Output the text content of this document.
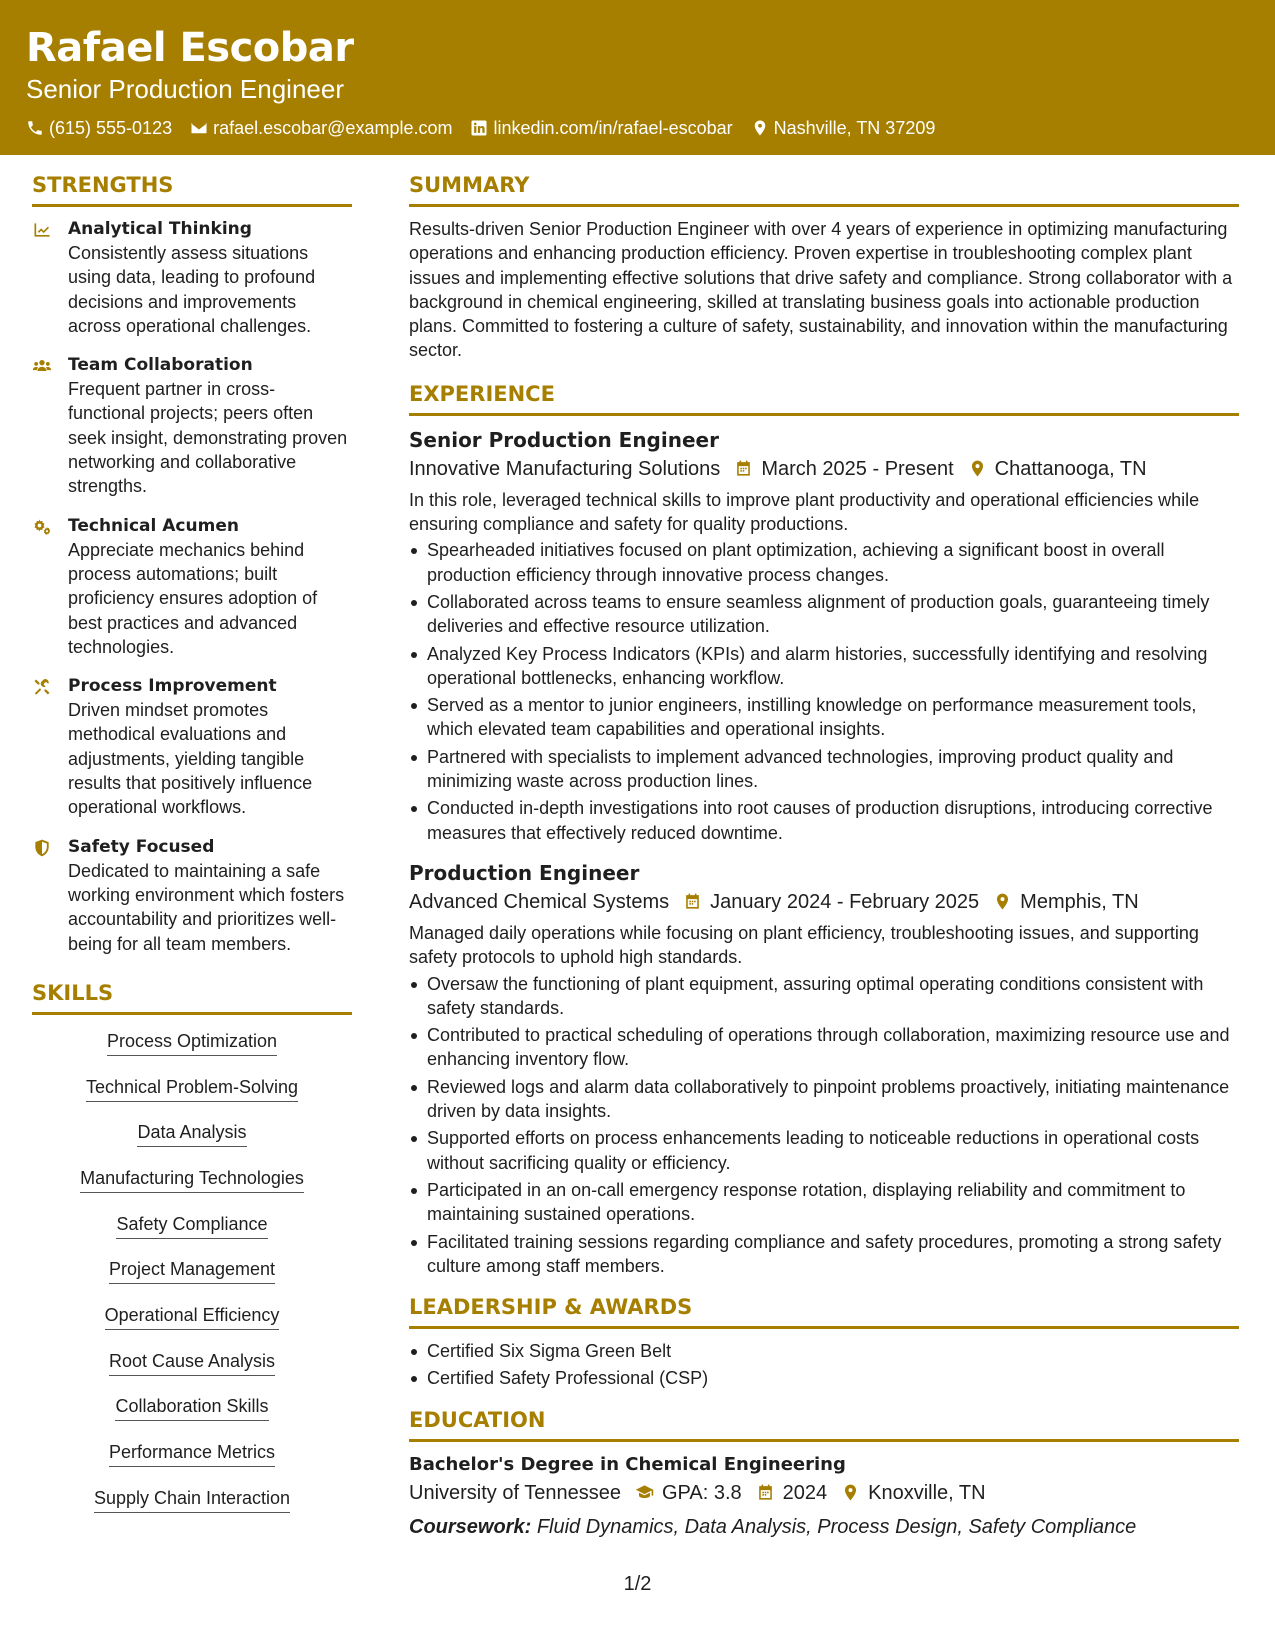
Rafael Escobar
Senior Production Engineer
(615) 555-0123 rafael.escobar@example.com linkedin.com/in/rafael-escobar Nashville, TN 37209
STRENGTHS
Analytical Thinking
Consistently assess situations using data, leading to profound decisions and improvements across operational challenges.
Team Collaboration
Frequent partner in cross-functional projects; peers often seek insight, demonstrating proven networking and collaborative strengths.
Technical Acumen
Appreciate mechanics behind process automations; built proficiency ensures adoption of best practices and advanced technologies.
Process Improvement
Driven mindset promotes methodical evaluations and adjustments, yielding tangible results that positively influence operational workflows.
Safety Focused
Dedicated to maintaining a safe working environment which fosters accountability and prioritizes well-being for all team members.
SKILLS
Process Optimization
Technical Problem-Solving
Data Analysis
Manufacturing Technologies
Safety Compliance
Project Management
Operational Efficiency
Root Cause Analysis
Collaboration Skills
Performance Metrics
Supply Chain Interaction
SUMMARY
Results-driven Senior Production Engineer with over 4 years of experience in optimizing manufacturing operations and enhancing production efficiency. Proven expertise in troubleshooting complex plant issues and implementing effective solutions that drive safety and compliance. Strong collaborator with a background in chemical engineering, skilled at translating business goals into actionable production plans. Committed to fostering a culture of safety, sustainability, and innovation within the manufacturing sector.
EXPERIENCE
Senior Production Engineer
Innovative Manufacturing Solutions March 2025 - Present Chattanooga, TN
In this role, leveraged technical skills to improve plant productivity and operational efficiencies while ensuring compliance and safety for quality productions.
Spearheaded initiatives focused on plant optimization, achieving a significant boost in overall production efficiency through innovative process changes.
Collaborated across teams to ensure seamless alignment of production goals, guaranteeing timely deliveries and effective resource utilization.
Analyzed Key Process Indicators (KPIs) and alarm histories, successfully identifying and resolving operational bottlenecks, enhancing workflow.
Served as a mentor to junior engineers, instilling knowledge on performance measurement tools, which elevated team capabilities and operational insights.
Partnered with specialists to implement advanced technologies, improving product quality and minimizing waste across production lines.
Conducted in-depth investigations into root causes of production disruptions, introducing corrective measures that effectively reduced downtime.
Production Engineer
Advanced Chemical Systems January 2024 - February 2025 Memphis, TN
Managed daily operations while focusing on plant efficiency, troubleshooting issues, and supporting safety protocols to uphold high standards.
Oversaw the functioning of plant equipment, assuring optimal operating conditions consistent with safety standards.
Contributed to practical scheduling of operations through collaboration, maximizing resource use and enhancing inventory flow.
Reviewed logs and alarm data collaboratively to pinpoint problems proactively, initiating maintenance driven by data insights.
Supported efforts on process enhancements leading to noticeable reductions in operational costs without sacrificing quality or efficiency.
Participated in an on-call emergency response rotation, displaying reliability and commitment to maintaining sustained operations.
Facilitated training sessions regarding compliance and safety procedures, promoting a strong safety culture among staff members.
LEADERSHIP & AWARDS
Certified Six Sigma Green Belt
Certified Safety Professional (CSP)
EDUCATION
Bachelor's Degree in Chemical Engineering
University of Tennessee GPA: 3.8 2024 Knoxville, TN
Coursework: Fluid Dynamics, Data Analysis, Process Design, Safety Compliance
1/2
